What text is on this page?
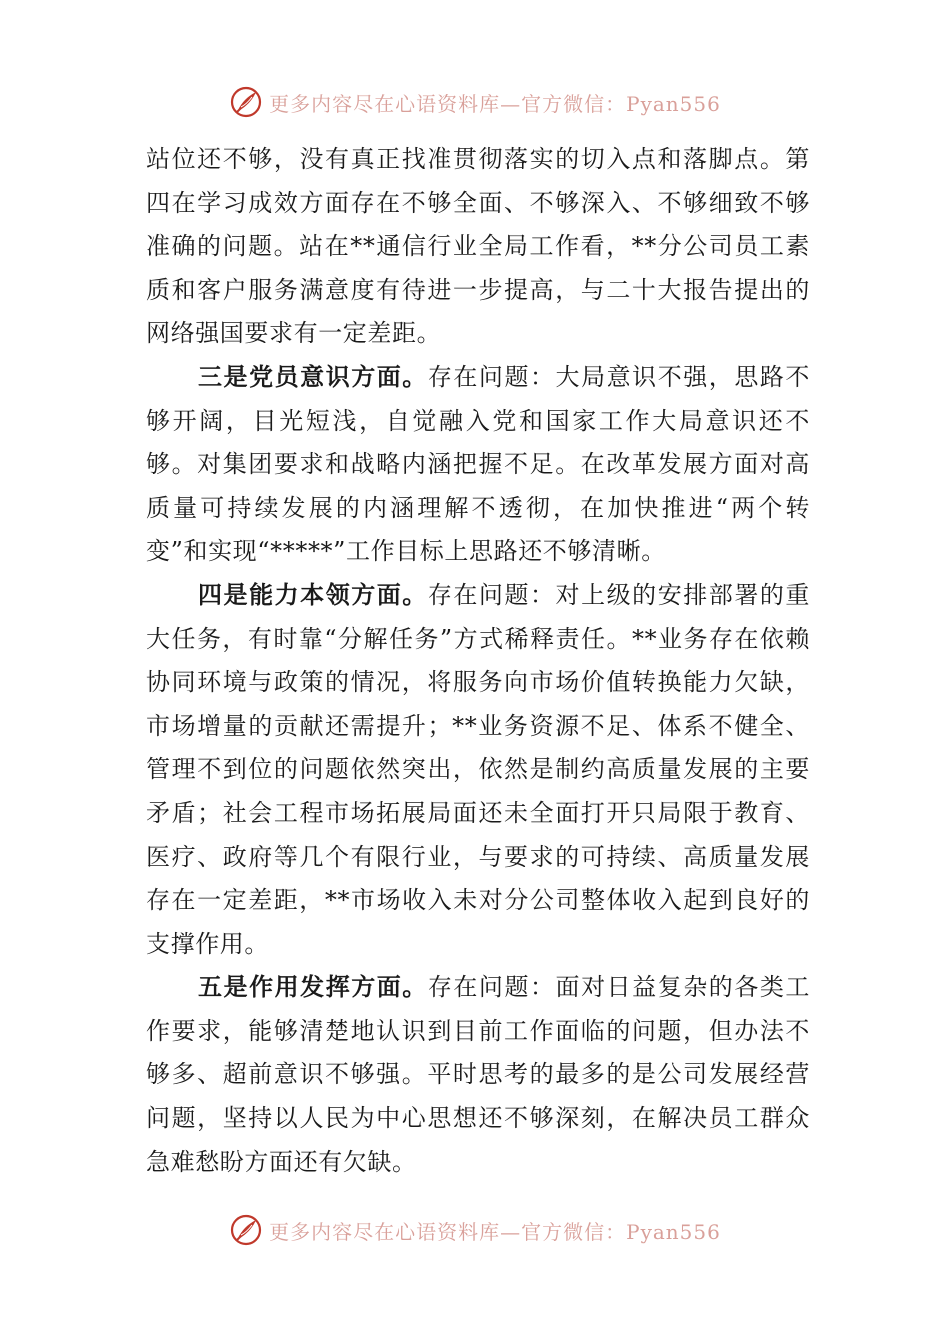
更多内容尽在心语资料库—官方微信：Pyan556

站位还不够，没有真正找准贯彻落实的切入点和落脚点。第四在学习成效方面存在不够全面、不够深入、不够细致不够准确的问题。站在**通信行业全局工作看，**分公司员工素质和客户服务满意度有待进一步提高，与二十大报告提出的网络强国要求有一定差距。

三是党员意识方面。存在问题：大局意识不强，思路不够开阔，目光短浅，自觉融入党和国家工作大局意识还不够。对集团要求和战略内涵把握不足。在改革发展方面对高质量可持续发展的内涵理解不透彻，在加快推进“两个转变”和实现“*****”工作目标上思路还不够清晰。

四是能力本领方面。存在问题：对上级的安排部署的重大任务，有时靠“分解任务”方式稀释责任。**业务存在依赖协同环境与政策的情况，将服务向市场价值转换能力欠缺，市场增量的贡献还需提升；**业务资源不足、体系不健全、管理不到位的问题依然突出，依然是制约高质量发展的主要矛盾；社会工程市场拓展局面还未全面打开只局限于教育、医疗、政府等几个有限行业，与要求的可持续、高质量发展存在一定差距，**市场收入未对分公司整体收入起到良好的支撑作用。

五是作用发挥方面。存在问题：面对日益复杂的各类工作要求，能够清楚地认识到目前工作面临的问题，但办法不够多、超前意识不够强。平时思考的最多的是公司发展经营问题，坚持以人民为中心思想还不够深刻，在解决员工群众急难愁盼方面还有欠缺。

更多内容尽在心语资料库—官方微信：Pyan556
